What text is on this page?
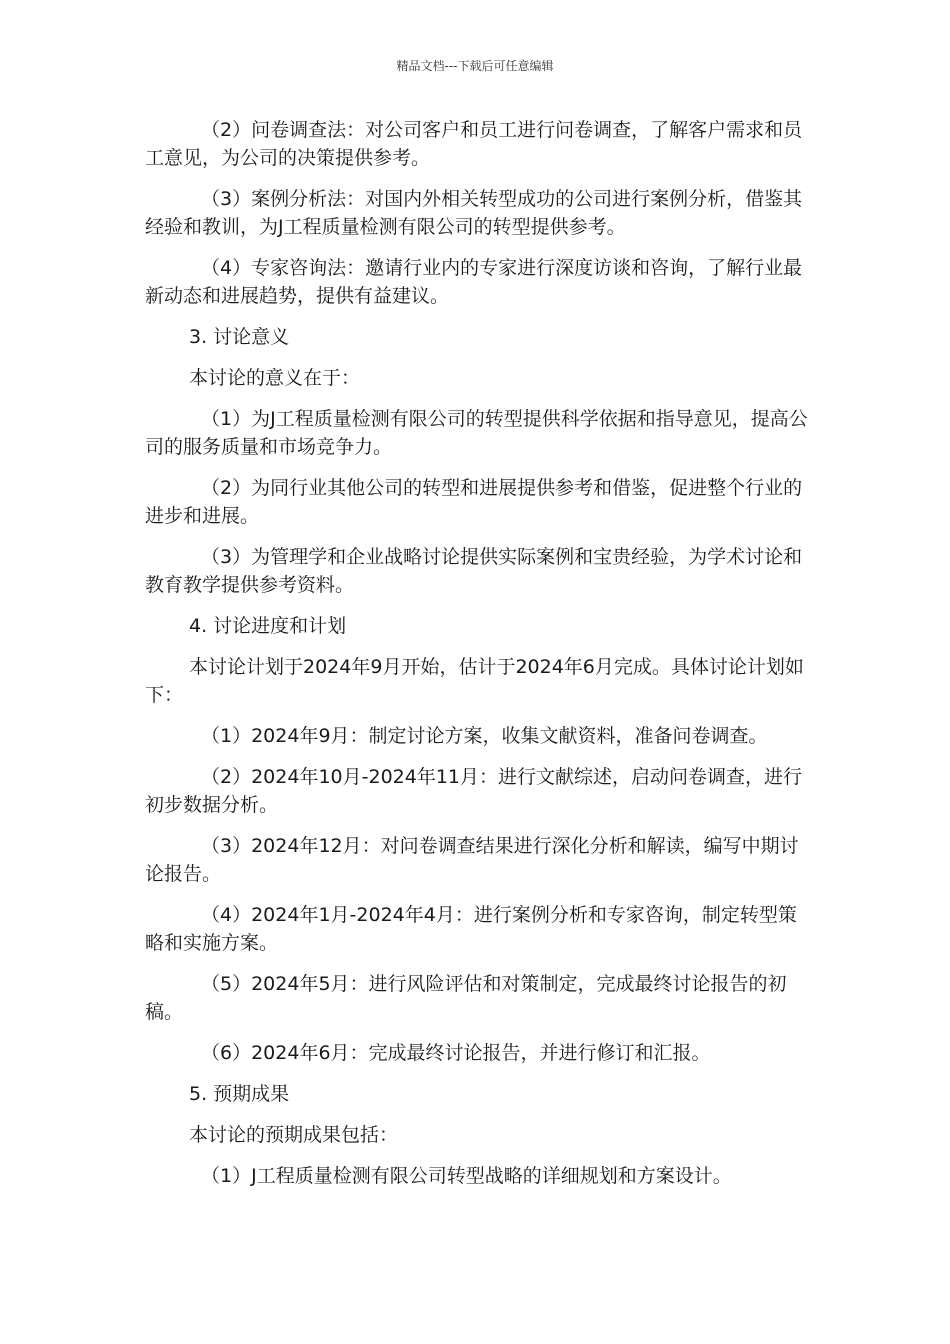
精品文档---下载后可任意编辑

（2）问卷调查法：对公司客户和员工进行问卷调查，了解客户需求和员工意见，为公司的决策提供参考。

（3）案例分析法：对国内外相关转型成功的公司进行案例分析，借鉴其经验和教训，为J工程质量检测有限公司的转型提供参考。

（4）专家咨询法：邀请行业内的专家进行深度访谈和咨询，了解行业最新动态和进展趋势，提供有益建议。

3. 讨论意义

本讨论的意义在于：

（1）为J工程质量检测有限公司的转型提供科学依据和指导意见，提高公司的服务质量和市场竞争力。

（2）为同行业其他公司的转型和进展提供参考和借鉴，促进整个行业的进步和进展。

（3）为管理学和企业战略讨论提供实际案例和宝贵经验，为学术讨论和教育教学提供参考资料。

4. 讨论进度和计划

本讨论计划于2024年9月开始，估计于2024年6月完成。具体讨论计划如下：

（1）2024年9月：制定讨论方案，收集文献资料，准备问卷调查。

（2）2024年10月-2024年11月：进行文献综述，启动问卷调查，进行初步数据分析。

（3）2024年12月：对问卷调查结果进行深化分析和解读，编写中期讨论报告。

（4）2024年1月-2024年4月：进行案例分析和专家咨询，制定转型策略和实施方案。

（5）2024年5月：进行风险评估和对策制定，完成最终讨论报告的初稿。

（6）2024年6月：完成最终讨论报告，并进行修订和汇报。

5. 预期成果

本讨论的预期成果包括：

（1）J工程质量检测有限公司转型战略的详细规划和方案设计。
